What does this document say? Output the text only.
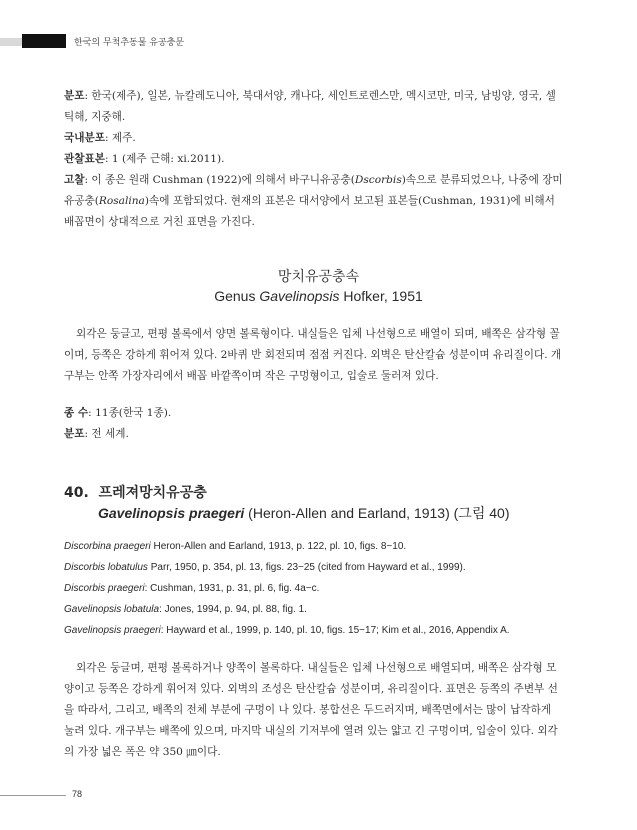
한국의 무척추동물 유공충문
분포: 한국(제주), 일본, 뉴칼레도니아, 북대서양, 캐나다, 세인트로렌스만, 멕시코만, 미국, 남빙양, 영국, 셀틱해, 지중해.
국내분포: 제주.
관찰표본: 1 (제주 근해: xi.2011).
고찰: 이 종은 원래 Cushman (1922)에 의해서 바구니유공충(Dscorbis)속으로 분류되었으나, 나중에 장미유공충(Rosalina)속에 포함되었다. 현재의 표본은 대서양에서 보고된 표본들(Cushman, 1931)에 비해서 배꼽면이 상대적으로 거친 표면을 가진다.
망치유공충속
Genus Gavelinopsis Hofker, 1951
외각은 둥글고, 편평 볼록에서 양면 볼록형이다. 내실들은 입체 나선형으로 배열이 되며, 배쪽은 삼각형 꼴이며, 등쪽은 강하게 휘어져 있다. 2바퀴 반 회전되며 점점 커진다. 외벽은 탄산칼슘 성분이며 유리질이다. 개구부는 안쪽 가장자리에서 배꼽 바깥쪽이며 작은 구멍형이고, 입술로 둘러져 있다.
종 수: 11종(한국 1종).
분포: 전 세계.
40. 프레져망치유공충
Gavelinopsis praegeri (Heron-Allen and Earland, 1913) (그림 40)
Discorbina praegeri Heron-Allen and Earland, 1913, p. 122, pl. 10, figs. 8−10.
Discorbis lobatulus Parr, 1950, p. 354, pl. 13, figs. 23−25 (cited from Hayward et al., 1999).
Discorbis praegeri: Cushman, 1931, p. 31, pl. 6, fig. 4a−c.
Gavelinopsis lobatula: Jones, 1994, p. 94, pl. 88, fig. 1.
Gavelinopsis praegeri: Hayward et al., 1999, p. 140, pl. 10, figs. 15−17; Kim et al., 2016, Appendix A.
외각은 둥글며, 편평 볼록하거나 양쪽이 볼록하다. 내실들은 입체 나선형으로 배열되며, 배쪽은 삼각형 모양이고 등쪽은 강하게 휘어져 있다. 외벽의 조성은 탄산칼슘 성분이며, 유리질이다. 표면은 등쪽의 주변부 선을 따라서, 그리고, 배쪽의 전체 부분에 구멍이 나 있다. 봉합선은 두드러지며, 배쪽면에서는 많이 납작하게 눌려 있다. 개구부는 배쪽에 있으며, 마지막 내실의 기저부에 열려 있는 얇고 긴 구멍이며, 입술이 있다. 외각의 가장 넓은 폭은 약 350 ㎛이다.
78
